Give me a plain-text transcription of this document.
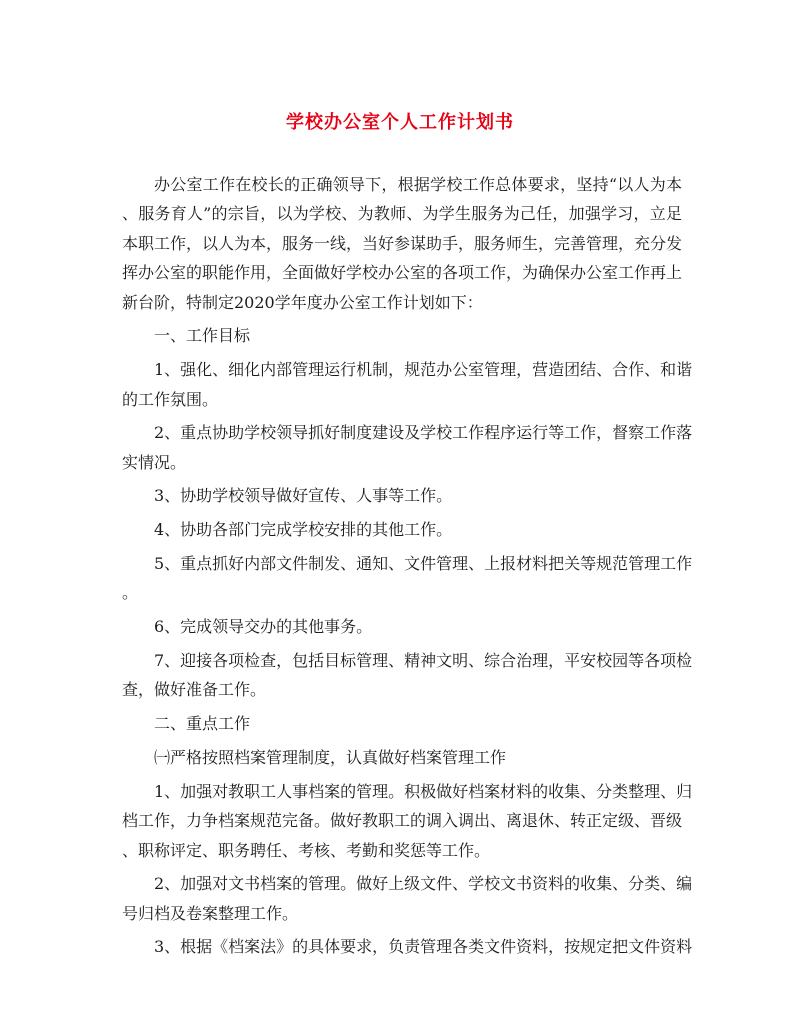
学校办公室个人工作计划书
办公室工作在校长的正确领导下，根据学校工作总体要求，坚持“以人为本
、服务育人”的宗旨，以为学校、为教师、为学生服务为己任，加强学习，立足
本职工作，以人为本，服务一线，当好参谋助手，服务师生，完善管理，充分发
挥办公室的职能作用，全面做好学校办公室的各项工作，为确保办公室工作再上
新台阶，特制定2020学年度办公室工作计划如下：
一、工作目标
1、强化、细化内部管理运行机制，规范办公室管理，营造团结、合作、和谐
的工作氛围。
2、重点协助学校领导抓好制度建设及学校工作程序运行等工作，督察工作落
实情况。
3、协助学校领导做好宣传、人事等工作。
4、协助各部门完成学校安排的其他工作。
5、重点抓好内部文件制发、通知、文件管理、上报材料把关等规范管理工作
。
6、完成领导交办的其他事务。
7、迎接各项检查，包括目标管理、精神文明、综合治理，平安校园等各项检
查，做好准备工作。
二、重点工作
㈠严格按照档案管理制度，认真做好档案管理工作
1、加强对教职工人事档案的管理。积极做好档案材料的收集、分类整理、归
档工作，力争档案规范完备。做好教职工的调入调出、离退休、转正定级、晋级
、职称评定、职务聘任、考核、考勤和奖惩等工作。
2、加强对文书档案的管理。做好上级文件、学校文书资料的收集、分类、编
号归档及卷案整理工作。
3、根据《档案法》的具体要求，负责管理各类文件资料，按规定把文件资料
